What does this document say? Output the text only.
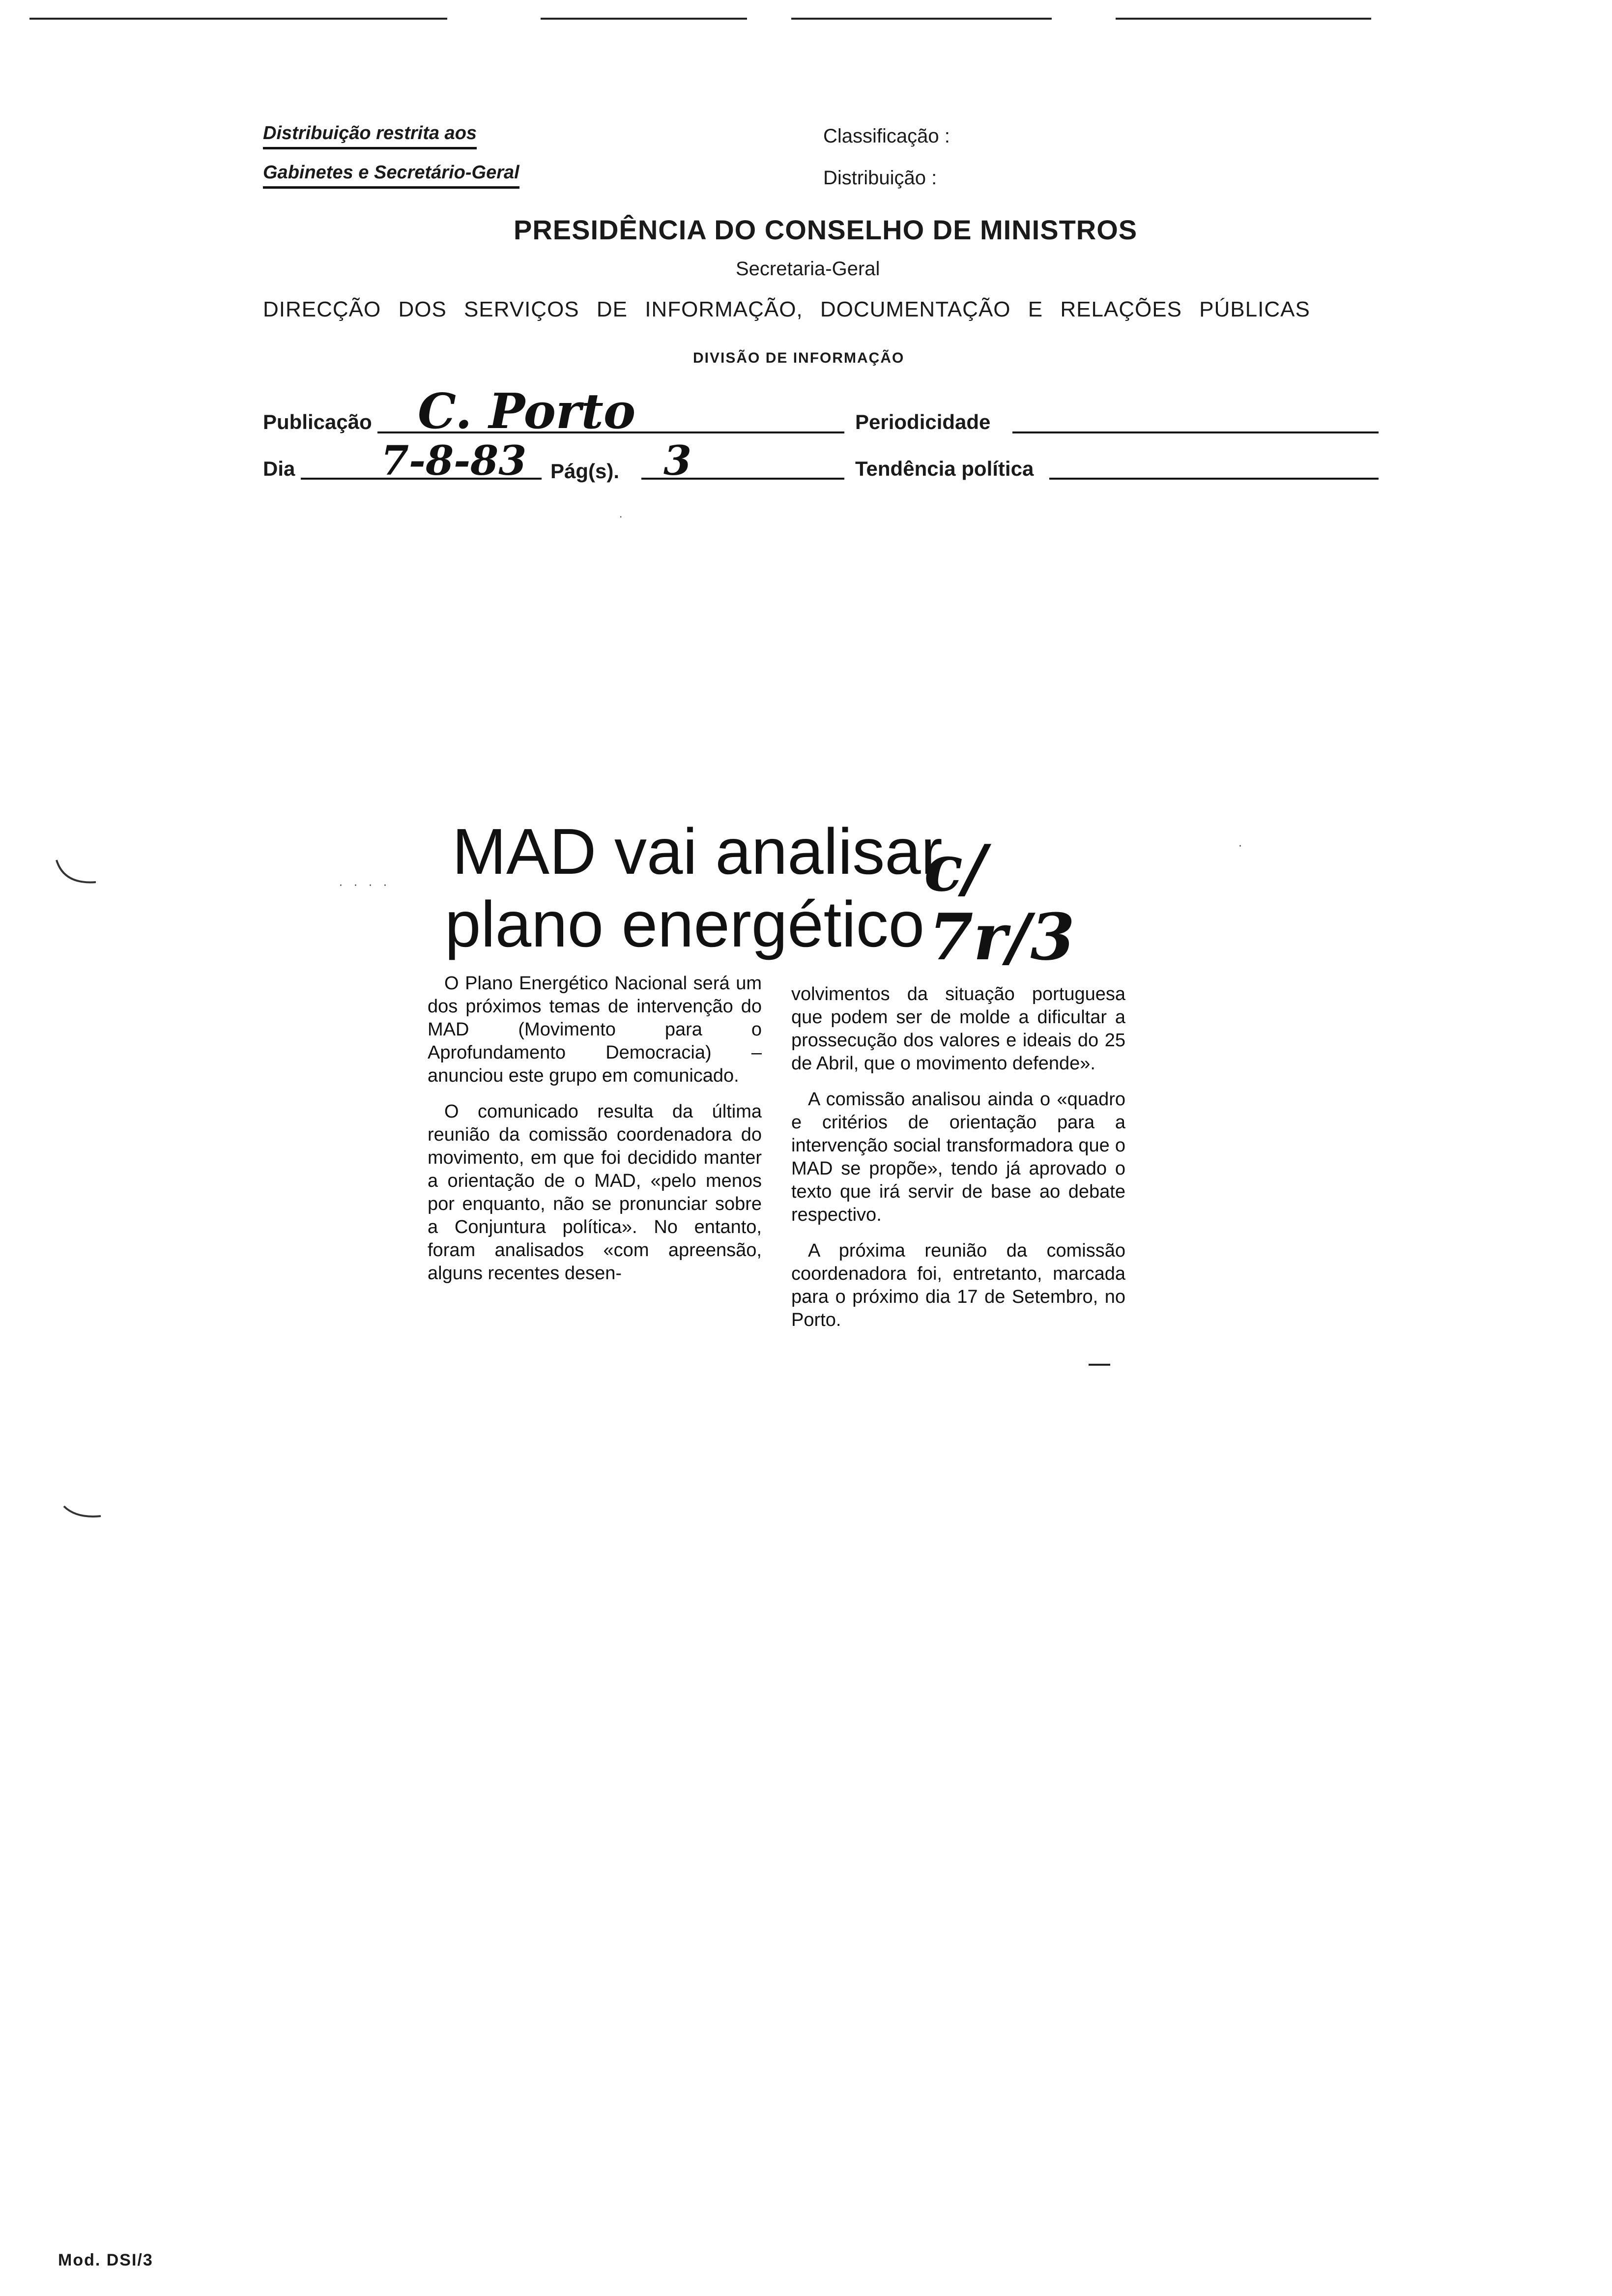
Distribuição restrita aos
Gabinetes e Secretário-Geral
Classificação :
Distribuição :
PRESIDÊNCIA DO CONSELHO DE MINISTROS
Secretaria-Geral
DIRECÇÃO DOS SERVIÇOS DE INFORMAÇÃO, DOCUMENTAÇÃO E RELAÇÕES PÚBLICAS
DIVISÃO DE INFORMAÇÃO
Publicação C. Porto	Periodicidade
Dia 7-8-83 Pág(s). 3	Tendência política
MAD vai analisar
plano energético
c/
7r/3

O Plano Energético Nacional será um dos próximos temas de intervenção do MAD (Movimento para o Aprofundamento Democracia) – anunciou este grupo em comunicado.

O comunicado resulta da última reunião da comissão coordenadora do movimento, em que foi decidido manter a orientação de o MAD, «pelo menos por enquanto, não se pronunciar sobre a Conjuntura política». No entanto, foram analisados «com apreensão, alguns recentes desen-

volvimentos da situação portuguesa que podem ser de molde a dificultar a prossecução dos valores e ideais do 25 de Abril, que o movimento defende».

A comissão analisou ainda o «quadro e critérios de orientação para a intervenção social transformadora que o MAD se propõe», tendo já aprovado o texto que irá servir de base ao debate respectivo.

A próxima reunião da comissão coordenadora foi, entretanto, marcada para o próximo dia 17 de Setembro, no Porto.

·
· · · ·
·
Mod. DSI/3
